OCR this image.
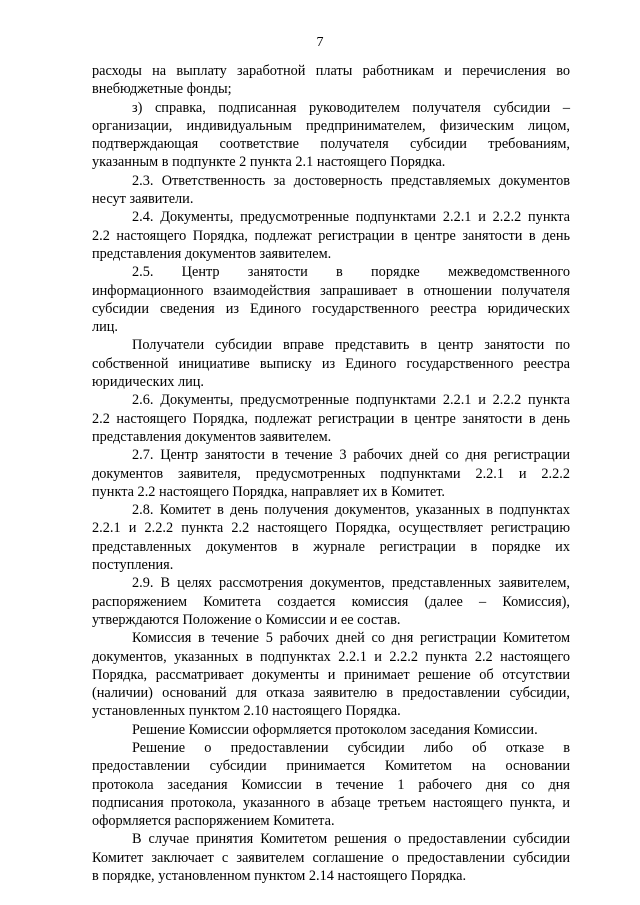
7
расходы на выплату заработной платы работникам и перечисления во
внебюджетные фонды;
з) справка, подписанная руководителем получателя субсидии –
организации, индивидуальным предпринимателем, физическим лицом,
подтверждающая соответствие получателя субсидии требованиям,
указанным в подпункте 2 пункта 2.1 настоящего Порядка.
2.3. Ответственность за достоверность представляемых документов
несут заявители.
2.4. Документы, предусмотренные подпунктами 2.2.1 и 2.2.2 пункта
2.2 настоящего Порядка, подлежат регистрации в центре занятости в день
представления документов заявителем.
2.5. Центр занятости в порядке межведомственного
информационного взаимодействия запрашивает в отношении получателя
субсидии сведения из Единого государственного реестра юридических
лиц.
Получатели субсидии вправе представить в центр занятости по
собственной инициативе выписку из Единого государственного реестра
юридических лиц.
2.6. Документы, предусмотренные подпунктами 2.2.1 и 2.2.2 пункта
2.2 настоящего Порядка, подлежат регистрации в центре занятости в день
представления документов заявителем.
2.7. Центр занятости в течение 3 рабочих дней со дня регистрации
документов заявителя, предусмотренных подпунктами 2.2.1 и 2.2.2
пункта 2.2 настоящего Порядка, направляет их в Комитет.
2.8. Комитет в день получения документов, указанных в подпунктах
2.2.1 и 2.2.2 пункта 2.2 настоящего Порядка, осуществляет регистрацию
представленных документов в журнале регистрации в порядке их
поступления.
2.9. В целях рассмотрения документов, представленных заявителем,
распоряжением Комитета создается комиссия (далее – Комиссия),
утверждаются Положение о Комиссии и ее состав.
Комиссия в течение 5 рабочих дней со дня регистрации Комитетом
документов, указанных в подпунктах 2.2.1 и 2.2.2 пункта 2.2 настоящего
Порядка, рассматривает документы и принимает решение об отсутствии
(наличии) оснований для отказа заявителю в предоставлении субсидии,
установленных пунктом 2.10 настоящего Порядка.
Решение Комиссии оформляется протоколом заседания Комиссии.
Решение о предоставлении субсидии либо об отказе в
предоставлении субсидии принимается Комитетом на основании
протокола заседания Комиссии в течение 1 рабочего дня со дня
подписания протокола, указанного в абзаце третьем настоящего пункта, и
оформляется распоряжением Комитета.
В случае принятия Комитетом решения о предоставлении субсидии
Комитет заключает с заявителем соглашение о предоставлении субсидии
в порядке, установленном пунктом 2.14 настоящего Порядка.
